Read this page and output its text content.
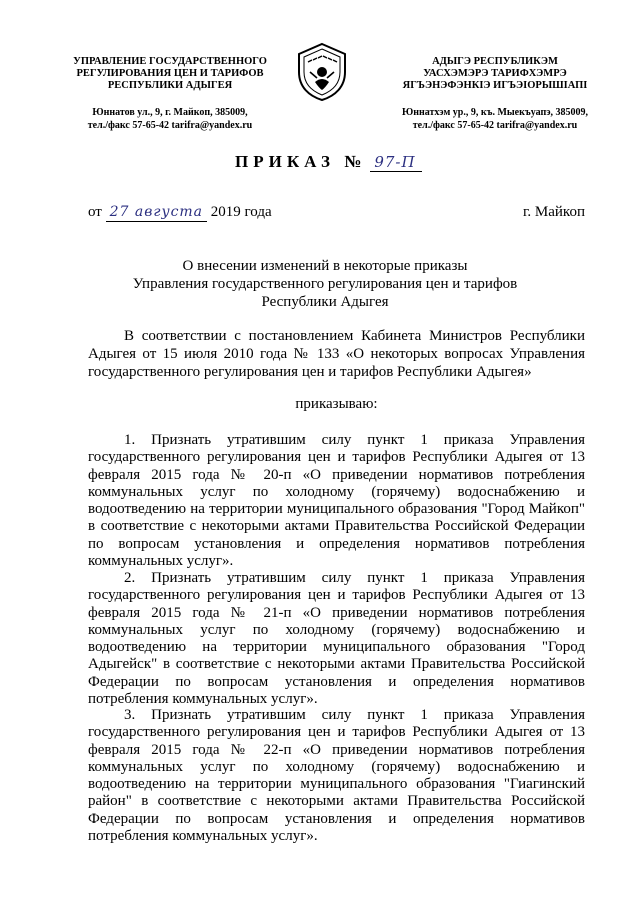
УПРАВЛЕНИЕ ГОСУДАРСТВЕННОГО
РЕГУЛИРОВАНИЯ ЦЕН И ТАРИФОВ
РЕСПУБЛИКИ АДЫГЕЯ
Юннатов ул., 9, г. Майкоп, 385009,
тел./факс 57-65-42 tarifra@yandex.ru
АДЫГЭ РЕСПУБЛИКЭМ
УАСХЭМЭРЭ ТАРИФХЭМРЭ
ЯГЪЭНЭФЭНКIЭ ИГЪЭIОРЫШIАПI
Юннатхэм ур., 9, къ. Мыекъуапэ, 385009,
тел./факс 57-65-42 tarifra@yandex.ru
ПРИКАЗ № 97-П
от 27 августа 2019 года	г. Майкоп
О внесении изменений в некоторые приказы
Управления государственного регулирования цен и тарифов
Республики Адыгея
В соответствии с постановлением Кабинета Министров Республики Адыгея от 15 июля 2010 года № 133 «О некоторых вопросах Управления государственного регулирования цен и тарифов Республики Адыгея»
приказываю:
1. Признать утратившим силу пункт 1 приказа Управления государственного регулирования цен и тарифов Республики Адыгея от 13 февраля 2015 года № 20-п «О приведении нормативов потребления коммунальных услуг по холодному (горячему) водоснабжению и водоотведению на территории муниципального образования "Город Майкоп" в соответствие с некоторыми актами Правительства Российской Федерации по вопросам установления и определения нормативов потребления коммунальных услуг».
2. Признать утратившим силу пункт 1 приказа Управления государственного регулирования цен и тарифов Республики Адыгея от 13 февраля 2015 года № 21-п «О приведении нормативов потребления коммунальных услуг по холодному (горячему) водоснабжению и водоотведению на территории муниципального образования "Город Адыгейск" в соответствие с некоторыми актами Правительства Российской Федерации по вопросам установления и определения нормативов потребления коммунальных услуг».
3. Признать утратившим силу пункт 1 приказа Управления государственного регулирования цен и тарифов Республики Адыгея от 13 февраля 2015 года № 22-п «О приведении нормативов потребления коммунальных услуг по холодному (горячему) водоснабжению и водоотведению на территории муниципального образования "Гиагинский район" в соответствие с некоторыми актами Правительства Российской Федерации по вопросам установления и определения нормативов потребления коммунальных услуг».
